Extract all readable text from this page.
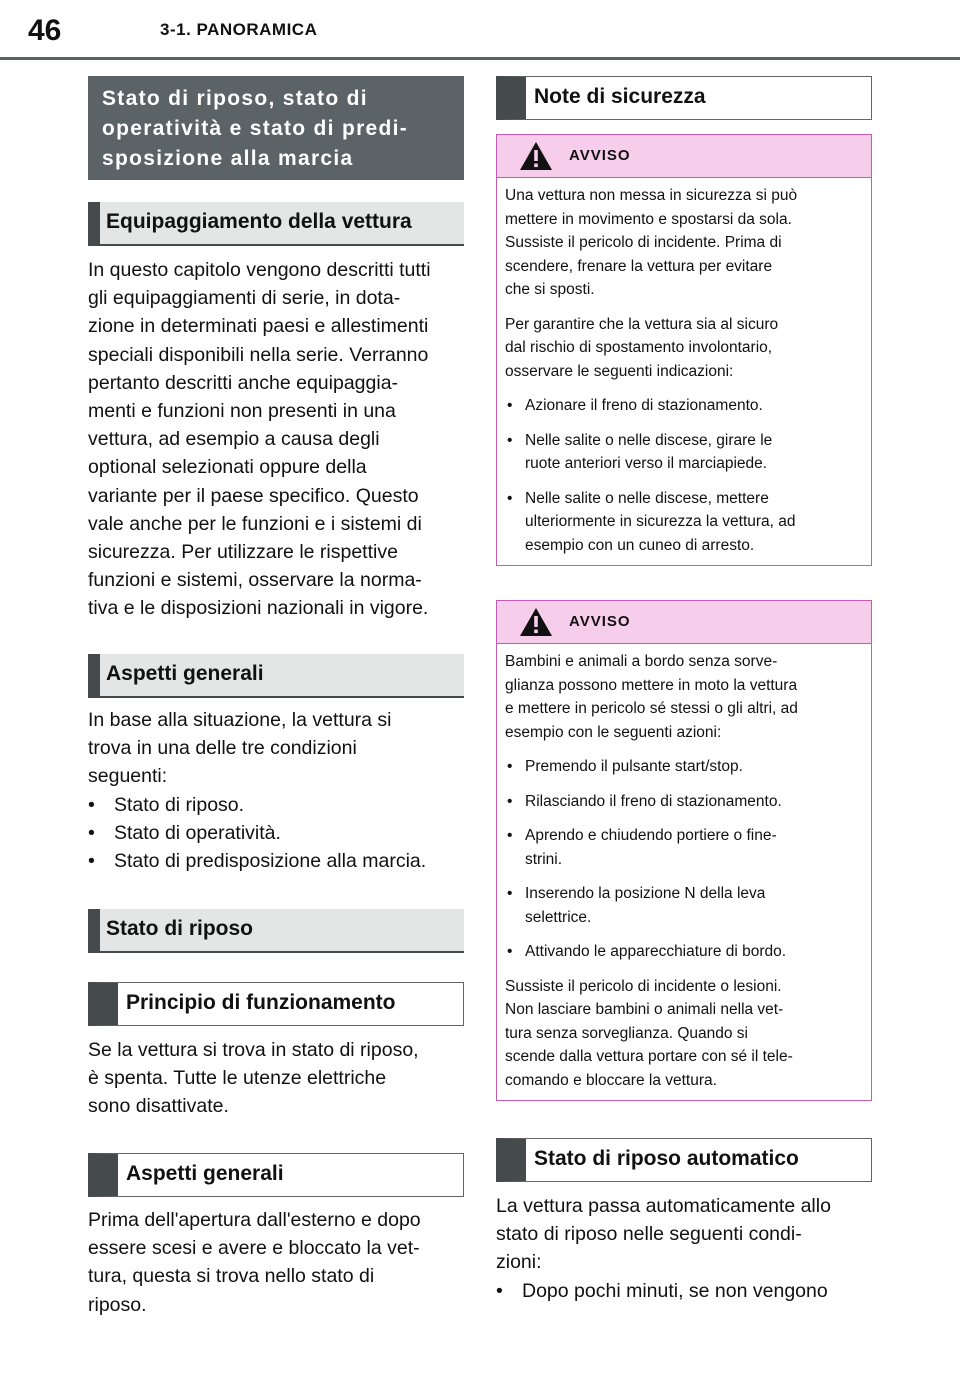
46	3-1. PANORAMICA
Stato di riposo, stato di
operatività e stato di predi-
sposizione alla marcia
Equipaggiamento della vettura

In questo capitolo vengono descritti tutti

gli equipaggiamenti di serie, in dota-

zione in determinati paesi e allestimenti

speciali disponibili nella serie. Verranno

pertanto descritti anche equipaggia-

menti e funzioni non presenti in una

vettura, ad esempio a causa degli

optional selezionati oppure della

variante per il paese specifico. Questo

vale anche per le funzioni e i sistemi di

sicurezza. Per utilizzare le rispettive

funzioni e sistemi, osservare la norma-

tiva e le disposizioni nazionali in vigore.

Aspetti generali

In base alla situazione, la vettura si

trova in una delle tre condizioni

seguenti:

• Stato di riposo.
• Stato di operatività.
• Stato di predisposizione alla marcia.
Stato di riposo
Principio di funzionamento

Se la vettura si trova in stato di riposo,

è spenta. Tutte le utenze elettriche

sono disattivate.

Aspetti generali

Prima dell'apertura dall'esterno e dopo

essere scesi e avere e bloccato la vet-

tura, questa si trova nello stato di

riposo.

Note di sicurezza
AVVISO

Una vettura non messa in sicurezza si può
mettere in movimento e spostarsi da sola.
Sussiste il pericolo di incidente. Prima di
scendere, frenare la vettura per evitare
che si sposti.

Per garantire che la vettura sia al sicuro
dal rischio di spostamento involontario,
osservare le seguenti indicazioni:

• Azionare il freno di stazionamento.

• Nelle salite o nelle discese, girare le
ruote anteriori verso il marciapiede.

• Nelle salite o nelle discese, mettere
ulteriormente in sicurezza la vettura, ad
esempio con un cuneo di arresto.

AVVISO

Bambini e animali a bordo senza sorve-
glianza possono mettere in moto la vettura
e mettere in pericolo sé stessi o gli altri, ad
esempio con le seguenti azioni:

• Premendo il pulsante start/stop.

• Rilasciando il freno di stazionamento.

• Aprendo e chiudendo portiere o fine-
strini.

• Inserendo la posizione N della leva
selettrice.

• Attivando le apparecchiature di bordo.

Sussiste il pericolo di incidente o lesioni.
Non lasciare bambini o animali nella vet-
tura senza sorveglianza. Quando si
scende dalla vettura portare con sé il tele-
comando e bloccare la vettura.

Stato di riposo automatico

La vettura passa automaticamente allo

stato di riposo nelle seguenti condi-

zioni:

• Dopo pochi minuti, se non vengono
